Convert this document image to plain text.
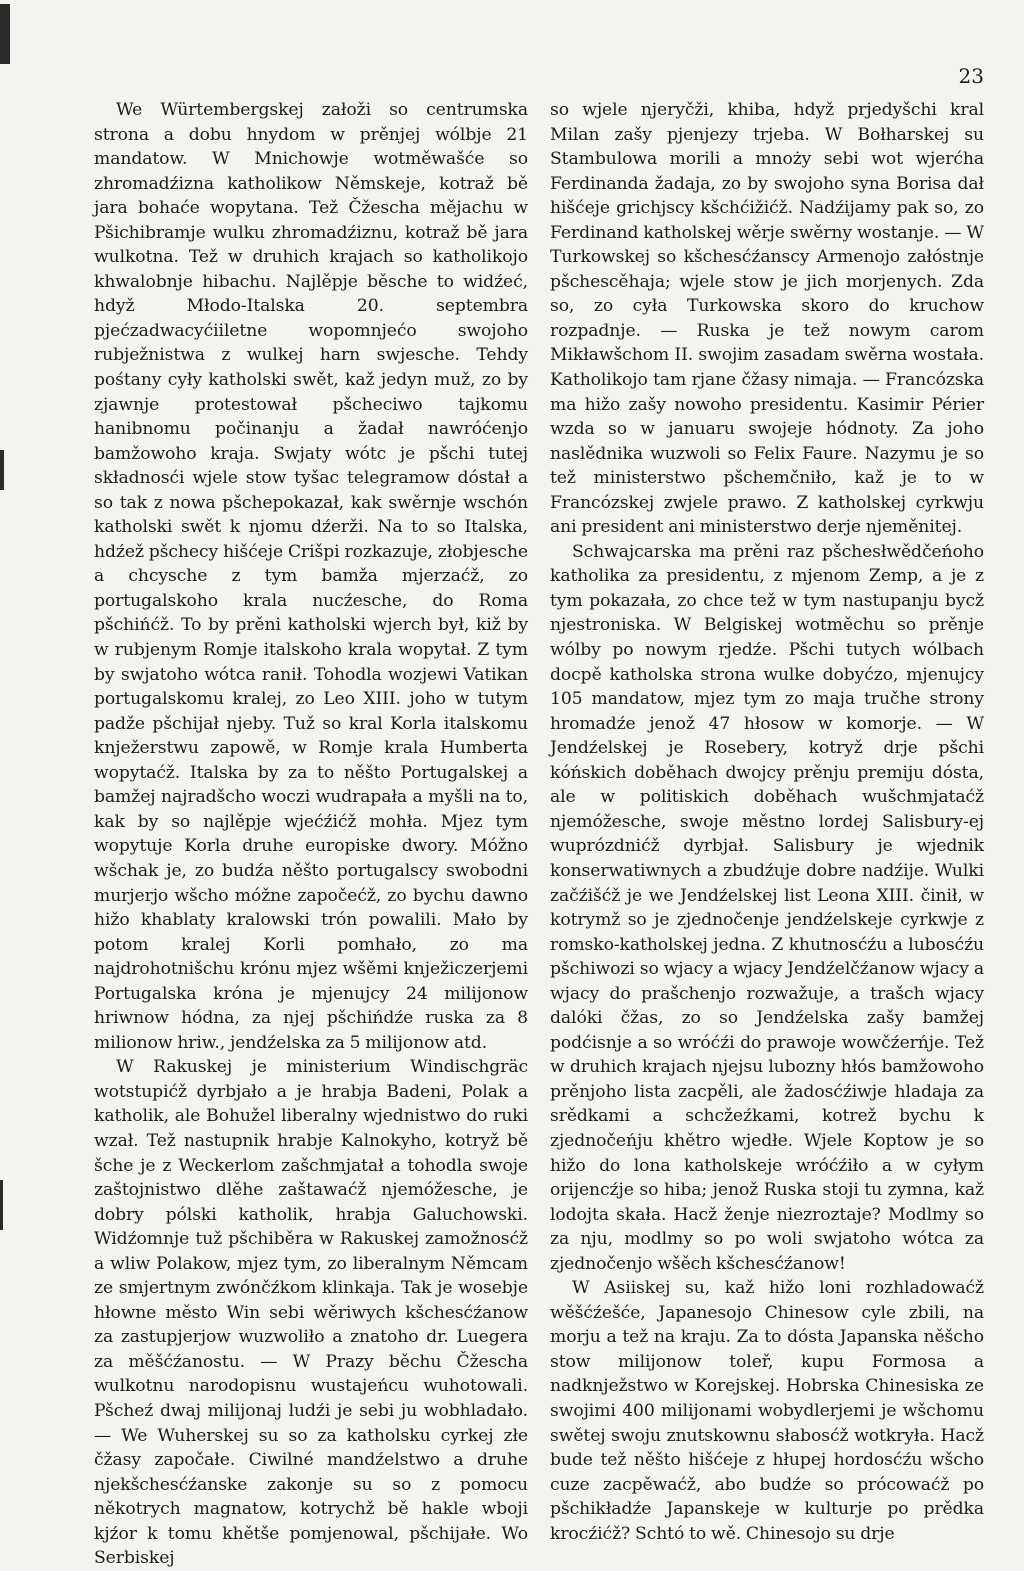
23

We Würtembergskej załoži so centrumska strona a dobu hnydom w prěnjej wólbje 21 mandatow. W Mnichowje wotměwašće so zhromadźizna katholikow Němskeje, kotraž bě jara bohaće wopytana. Tež Čžescha mějachu w Pšichibramje wulku zhromadźiznu, kotraž bě jara wulkotna. Tež w druhich krajach so katholikojo khwalobnje hibachu. Najlěpje běsche to widźeć, hdyž Młodo-Italska 20. septembra pjećzadwacyćiiletne wopomnjećo swojoho rubježnistwa z wulkej harn swjesche. Tehdy pośtany cyły katholski swět, kaž jedyn muž, zo by zjawnje protestował pšcheciwo tajkomu hanibnomu počinanju a žadał nawróćenjo bamžowoho kraja. Swjaty wótc je pšchi tutej składnosći wjele stow tyšac telegramow dóstał a so tak z nowa pšchepokazał, kak swěrnje wschón katholski swět k njomu dźerži. Na to so Italska, hdźež pšchecy hišćeje Crišpi rozkazuje, złobjesche a chcysche z tym bamža mjerzaćž, zo portugalskoho krala nucźesche, do Roma pšchińćž. To by prěni katholski wjerch był, kiž by w rubjenym Romje italskoho krala wopytał. Z tym by swjatoho wótca ranił. Tohodla wozjewi Vatikan portugalskomu kralej, zo Leo XIII. joho w tutym padže pšchijał njeby. Tuž so kral Korla italskomu knježerstwu zapowě, w Romje krala Humberta wopytaćž. Italska by za to něšto Portugalskej a bamžej najradšcho woczi wudrapała a myšli na to, kak by so najlěpje wjećźićž mohła. Mjez tym wopytuje Korla druhe europiske dwory. Móžno wšchak je, zo budźa něšto portugalscy swobodni murjerjo wšcho móžne započećž, zo bychu dawno hižo khablaty kralowski trón powalili. Mało by potom kralej Korli pomhało, zo ma najdrohotnišchu krónu mjez wšěmi knježiczerjemi Portugalska króna je mjenujcy 24 milijonow hriwnow hódna, za njej pšchińdźe ruska za 8 milionow hriw., jendźelska za 5 milijonow atd.

W Rakuskej je ministerium Windischgräc wotstupićž dyrbjało a je hrabja Badeni, Polak a katholik, ale Bohužel liberalny wjednistwo do ruki wzał. Tež nastupnik hrabje Kalnokyho, kotryž bě šche je z Weckerlom zašchmjatał a tohodla swoje zaštojnistwo dlěhe zaštawaćž njemóžesche, je dobry pólski katholik, hrabja Galuchowski. Widźomnje tuž pšchiběra w Rakuskej zamožnosćž a wliw Polakow, mjez tym, zo liberalnym Němcam ze smjertnym zwónčźkom klinkaja. Tak je wosebje hłowne město Win sebi wěriwych kšchesćźanow za zastupjerjow wuzwoliło a znatoho dr. Luegera za měšćźanostu. — W Prazy běchu Čžescha wulkotnu narodopisnu wustajeńcu wuhotowali. Pšcheź dwaj milijonaj ludźi je sebi ju wobhladało. — We Wuherskej su so za katholsku cyrkej złe čžasy započałe. Ciwilné mandźelstwo a druhe njekšchesćźanske zakonje su so z pomocu někotrych magnatow, kotrychž bě hakle wboji kjźor k tomu khětše pomjenowal, pšchijałe. Wo Serbiskej

so wjele njeryčži, khiba, hdyž prjedyšchi kral Milan zašy pjenjezy trjeba. W Bołharskej su Stambulowa morili a mnoży sebi wot wjerćha Ferdinanda žadaja, zo by swojoho syna Borisa dał hišćeje grichjscy kšchćižićž. Nadźijamy pak so, zo Ferdinand katholskej wěrje swěrny wostanje. — W Turkowskej so kšchesćźanscy Armenojo załóstnje pšchescěhaja; wjele stow je jich morjenych. Zda so, zo cyła Turkowska skoro do kruchow rozpadnje. — Ruska je tež nowym carom Mikławšchom II. swojim zasadam swěrna wostała. Katholikojo tam rjane čžasy nimaja. — Francózska ma hižo zašy nowoho presidentu. Kasimir Périer wzda so w januaru swojeje hódnoty. Za joho naslědnika wuzwoli so Felix Faure. Nazymu je so tež ministerstwo pšchemčniło, kaž je to w Francózskej zwjele prawo. Z katholskej cyrkwju ani president ani ministerstwo derje njeměnitej.

Schwajcarska ma prěni raz pšchesłwědčeńoho katholika za presidentu, z mjenom Zemp, a je z tym pokazała, zo chce tež w tym nastupanju bycž njestroniska. W Belgiskej wotměchu so prěnje wólby po nowym rjedźe. Pšchi tutych wólbach docpě katholska strona wulke dobyćzo, mjenujcy 105 mandatow, mjez tym zo maja tručhe strony hromadźe jenož 47 hłosow w komorje. — W Jendźelskej je Rosebery, kotryž drje pšchi kóńskich doběhach dwojcy prěnju premiju dósta, ale w politiskich doběhach wušchmjataćž njemóžesche, swoje městno lordej Salisbury-ej wuprózdnićž dyrbjał. Salisbury je wjednik konserwatiwnych a zbudźuje dobre nadźije. Wulki začźišćž je we Jendźelskej list Leona XIII. činił, w kotrymž so je zjednočenje jendźelskeje cyrkwje z romsko-katholskej jedna. Z khutnosćźu a lubosćźu pšchiwozi so wjacy a wjacy Jendźelčźanow wjacy a wjacy do prašchenjo rozwažuje, a trašch wjacy dalóki čžas, zo so Jendźelska zašy bamžej podćisnje a so wróćźi do prawoje wowčźerńje. Tež w druhich krajach njejsu lubozny hłós bamžowoho prěnjoho lista zacpěli, ale žadosćźiwje hladaja za srědkami a schcžeźkami, kotrež bychu k zjednočeńju khětro wjedłe. Wjele Koptow je so hižo do lona katholskeje wróćźiło a w cyłym orijencźje so hiba; jenož Ruska stoji tu zymna, kaž lodojta skała. Hacž ženje niezroztaje? Modlmy so za nju, modlmy so po woli swjatoho wótca za zjednočenjo wšěch kšchesćźanow!

W Asiiskej su, kaž hižo loni rozhladowaćž wěšćźešće, Japanesojo Chinesow cyle zbili, na morju a tež na kraju. Za to dósta Japanska něšcho stow milijonow toleř, kupu Formosa a nadknježstwo w Korejskej. Hobrska Chinesiska ze swojimi 400 milijonami wobydlerjemi je wšchomu swětej swoju znutskownu słabosćž wotkryła. Hacž bude tež něšto hišćeje z hłupej hordosćźu wšcho cuze zacpěwaćž, abo budźe so prócowaćž po pšchikładźe Japanskeje w kulturje po prědka krocźićž? Schtó to wě. Chinesojo su drje
